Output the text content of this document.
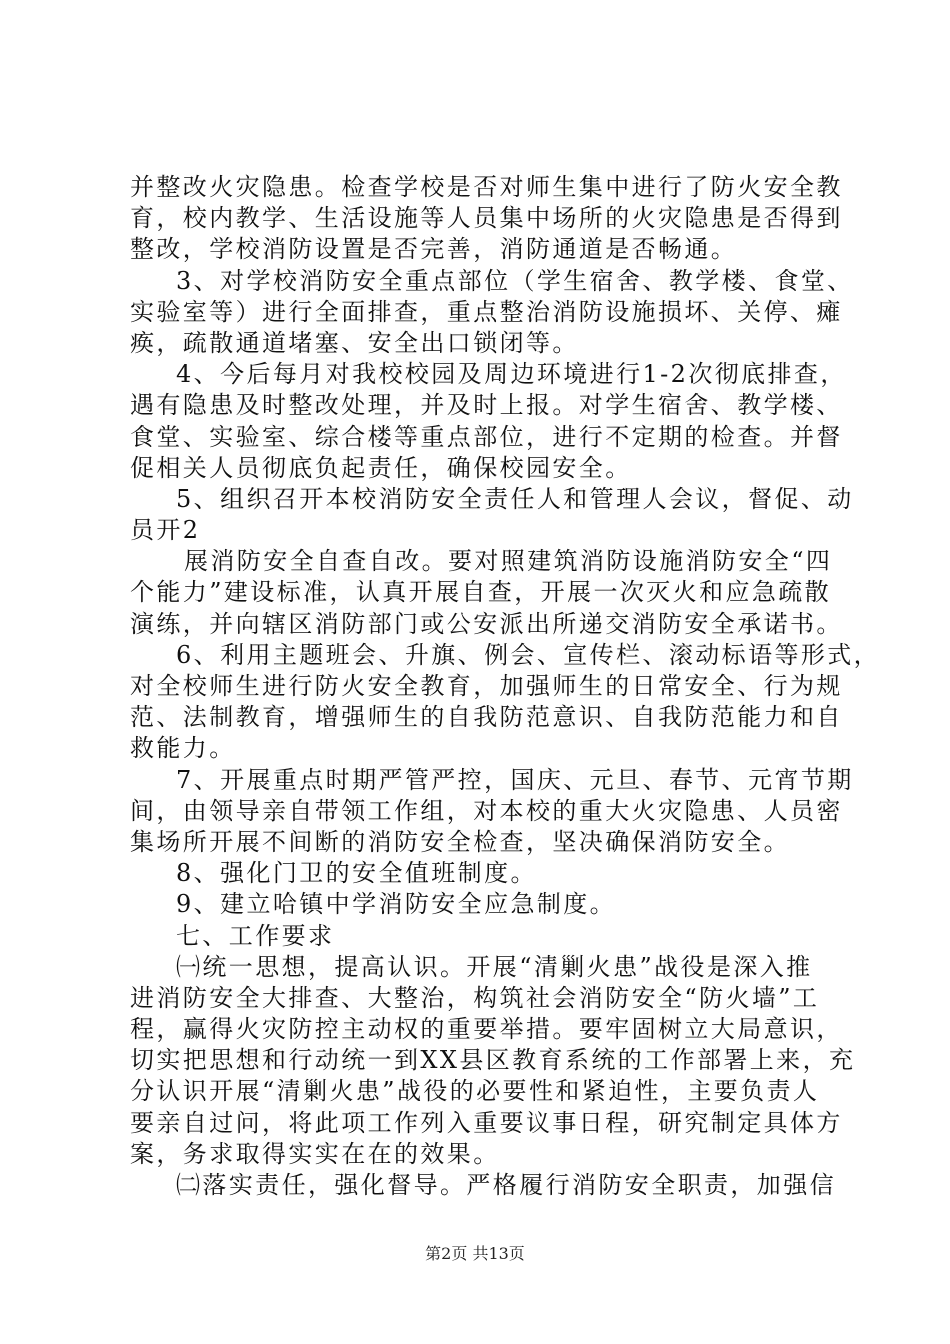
并整改火灾隐患。检查学校是否对师生集中进行了防火安全教
育，校内教学、生活设施等人员集中场所的火灾隐患是否得到
整改，学校消防设置是否完善，消防通道是否畅通。
3、对学校消防安全重点部位（学生宿舍、教学楼、食堂、
实验室等）进行全面排查，重点整治消防设施损坏、关停、瘫
痪，疏散通道堵塞、安全出口锁闭等。
4、今后每月对我校校园及周边环境进行1-2次彻底排查，
遇有隐患及时整改处理，并及时上报。对学生宿舍、教学楼、
食堂、实验室、综合楼等重点部位，进行不定期的检查。并督
促相关人员彻底负起责任，确保校园安全。
5、组织召开本校消防安全责任人和管理人会议，督促、动
员开2
展消防安全自查自改。要对照建筑消防设施消防安全“四
个能力”建设标准，认真开展自查，开展一次灭火和应急疏散
演练，并向辖区消防部门或公安派出所递交消防安全承诺书。
6、利用主题班会、升旗、例会、宣传栏、滚动标语等形式，
对全校师生进行防火安全教育，加强师生的日常安全、行为规
范、法制教育，增强师生的自我防范意识、自我防范能力和自
救能力。
7、开展重点时期严管严控，国庆、元旦、春节、元宵节期
间，由领导亲自带领工作组，对本校的重大火灾隐患、人员密
集场所开展不间断的消防安全检查，坚决确保消防安全。
8、强化门卫的安全值班制度。
9、建立哈镇中学消防安全应急制度。
七、工作要求
㈠统一思想，提高认识。开展“清剿火患”战役是深入推
进消防安全大排查、大整治，构筑社会消防安全“防火墙”工
程，赢得火灾防控主动权的重要举措。要牢固树立大局意识，
切实把思想和行动统一到XX县区教育系统的工作部署上来，充
分认识开展“清剿火患”战役的必要性和紧迫性，主要负责人
要亲自过问，将此项工作列入重要议事日程，研究制定具体方
案，务求取得实实在在的效果。
㈡落实责任，强化督导。严格履行消防安全职责，加强信
第2页 共13页
